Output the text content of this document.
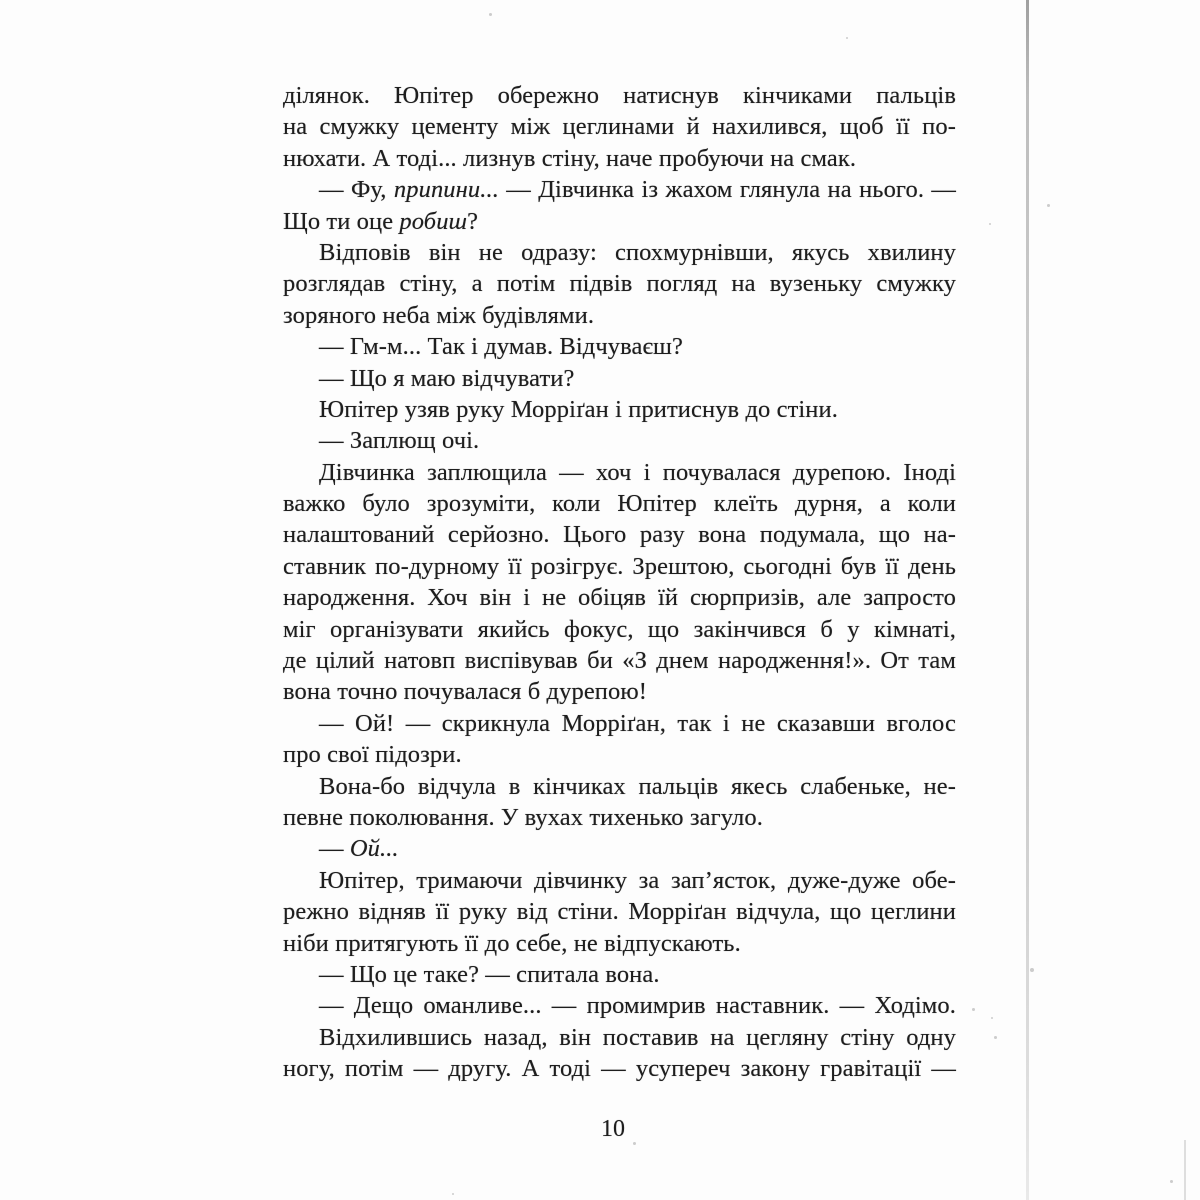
ділянок. Юпітер обережно натиснув кінчиками пальців
на смужку цементу між цеглинами й нахилився, щоб її по-
нюхати. А тоді... лизнув стіну, наче пробуючи на смак.
— Фу, припини... — Дівчинка із жахом глянула на нього. —
Що ти оце робиш?
Відповів він не одразу: спохмурнівши, якусь хвилину
розглядав стіну, а потім підвів погляд на вузеньку смужку
зоряного неба між будівлями.
— Гм-м... Так і думав. Відчуваєш?
— Що я маю відчувати?
Юпітер узяв руку Морріґан і притиснув до стіни.
— Заплющ очі.
Дівчинка заплющила — хоч і почувалася дурепою. Іноді
важко було зрозуміти, коли Юпітер клеїть дурня, а коли
налаштований серйозно. Цього разу вона подумала, що на-
ставник по-дурному її розігрує. Зрештою, сьогодні був її день
народження. Хоч він і не обіцяв їй сюрпризів, але запросто
міг організувати якийсь фокус, що закінчився б у кімнаті,
де цілий натовп виспівував би «З днем народження!». От там
вона точно почувалася б дурепою!
— Ой! — скрикнула Морріґан, так і не сказавши вголос
про свої підозри.
Вона-бо відчула в кінчиках пальців якесь слабеньке, не-
певне поколювання. У вухах тихенько загуло.
— Ой...
Юпітер, тримаючи дівчинку за зап’ясток, дуже-дуже обе-
режно відняв її руку від стіни. Морріґан відчула, що цеглини
ніби притягують її до себе, не відпускають.
— Що це таке? — спитала вона.
— Дещо оманливе... — промимрив наставник. — Ходімо.
Відхилившись назад, він поставив на цегляну стіну одну
ногу, потім — другу. А тоді — усупереч закону гравітації —
10
